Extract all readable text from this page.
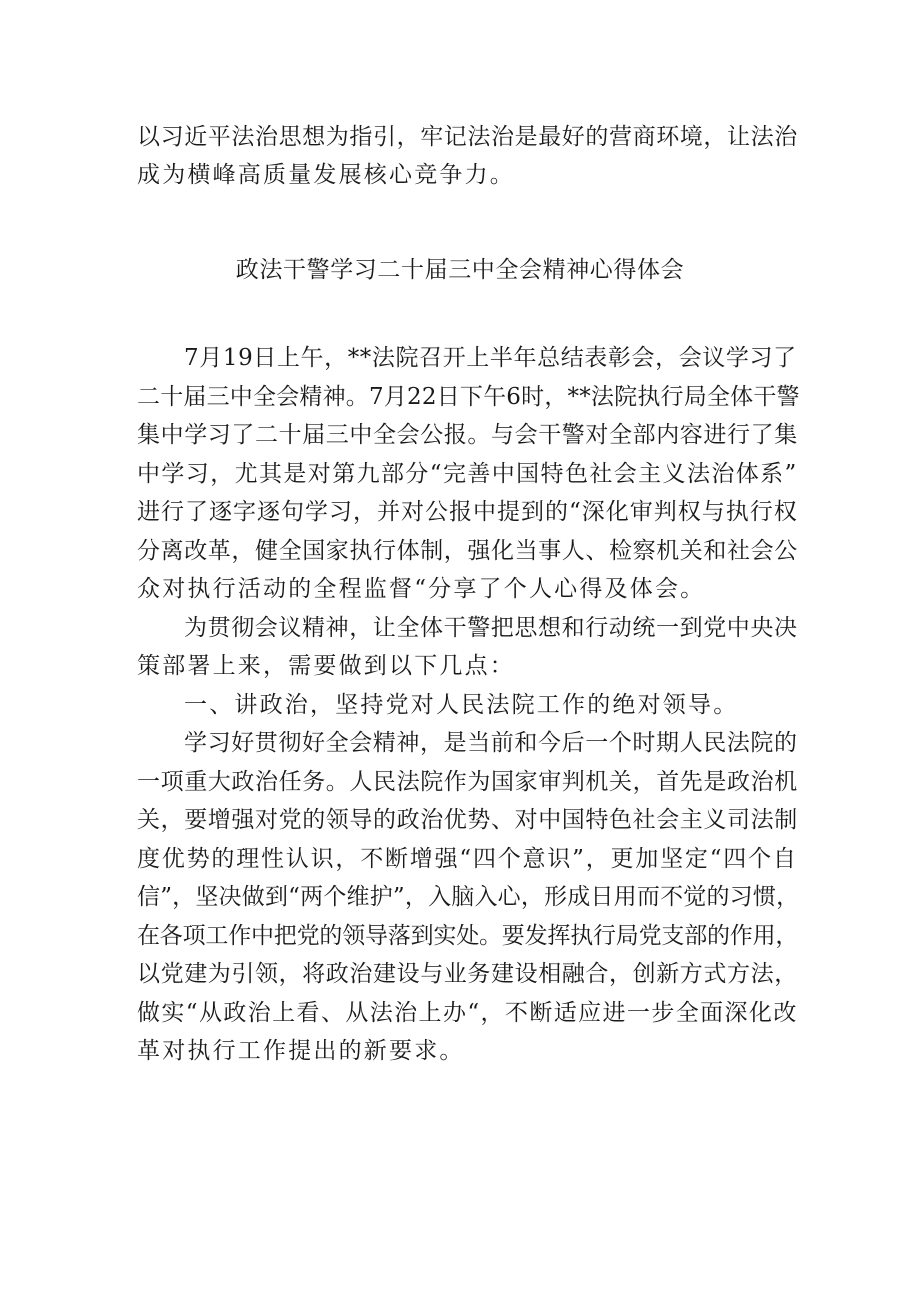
以习近平法治思想为指引，牢记法治是最好的营商环境，让法治
成为横峰高质量发展核心竞争力。
政法干警学习二十届三中全会精神心得体会
7月19日上午，**法院召开上半年总结表彰会，会议学习了
二十届三中全会精神。7月22日下午6时，**法院执行局全体干警
集中学习了二十届三中全会公报。与会干警对全部内容进行了集
中学习，尤其是对第九部分“完善中国特色社会主义法治体系”
进行了逐字逐句学习，并对公报中提到的“深化审判权与执行权
分离改革，健全国家执行体制，强化当事人、检察机关和社会公
众对执行活动的全程监督“分享了个人心得及体会。
为贯彻会议精神，让全体干警把思想和行动统一到党中央决
策部署上来，需要做到以下几点：
一、讲政治，坚持党对人民法院工作的绝对领导。
学习好贯彻好全会精神，是当前和今后一个时期人民法院的
一项重大政治任务。人民法院作为国家审判机关，首先是政治机
关，要增强对党的领导的政治优势、对中国特色社会主义司法制
度优势的理性认识，不断增强“四个意识”，更加坚定“四个自
信”，坚决做到“两个维护”，入脑入心，形成日用而不觉的习惯，
在各项工作中把党的领导落到实处。要发挥执行局党支部的作用，
以党建为引领，将政治建设与业务建设相融合，创新方式方法，
做实“从政治上看、从法治上办“，不断适应进一步全面深化改
革对执行工作提出的新要求。
